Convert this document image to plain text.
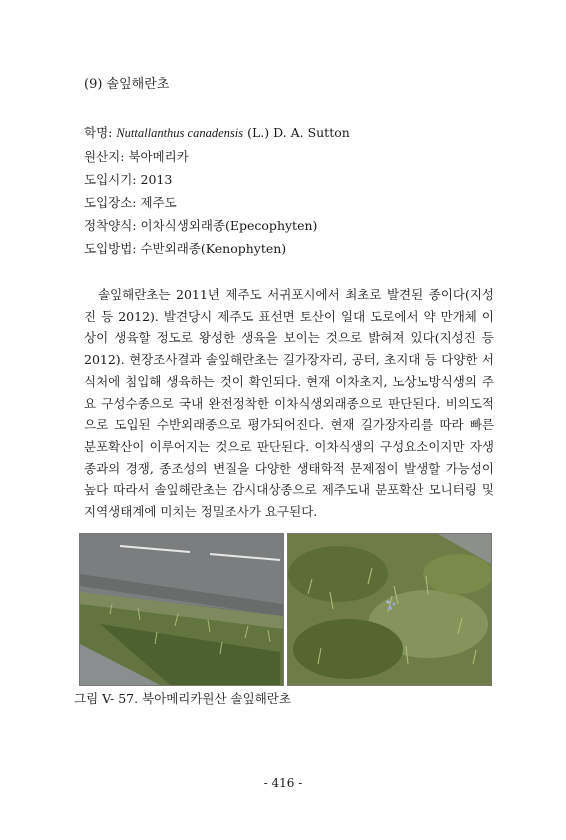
(9) 솔잎해란초
학명: Nuttallanthus canadensis (L.) D. A. Sutton
원산지: 북아메리카
도입시기: 2013
도입장소: 제주도
정착양식: 이차식생외래종(Epecophyten)
도입방법: 수반외래종(Kenophyten)
솔잎해란초는 2011년 제주도 서귀포시에서 최초로 발견된 종이다(지성진 등 2012). 발견당시 제주도 표선면 토산이 일대 도로에서 약 만개체 이상이 생육할 정도로 왕성한 생육을 보이는 것으로 밝혀져 있다(지성진 등 2012). 현장조사결과 솔잎해란초는 길가장자리, 공터, 초지대 등 다양한 서식처에 침입해 생육하는 것이 확인되다. 현재 이차초지, 노상노방식생의 주요 구성수종으로 국내 완전정착한 이차식생외래종으로 판단된다. 비의도적으로 도입된 수반외래종으로 평가되어진다. 현재 길가장자리를 따라 빠른 분포확산이 이루어지는 것으로 판단된다. 이차식생의 구성요소이지만 자생종과의 경쟁, 종조성의 변질을 다양한 생태학적 문제점이 발생할 가능성이 높다 따라서 솔잎해란초는 감시대상종으로 제주도내 분포확산 모니터링 및 지역생태계에 미치는 정밀조사가 요구된다.
그림 V- 57. 북아메리카원산 솔잎해란초
- 416 -
